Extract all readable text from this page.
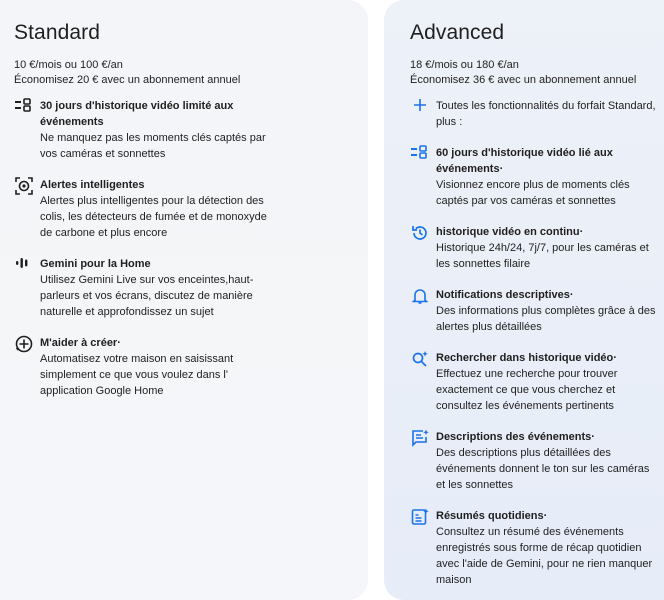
Standard
10 €/mois ou 100 €/an
Économisez 20 € avec un abonnement annuel
30 jours d'historique vidéo limité aux événements
Ne manquez pas les moments clés captés par vos caméras et sonnettes
Alertes intelligentes
Alertes plus intelligentes pour la détection des colis, les détecteurs de fumée et de monoxyde de carbone et plus encore
Gemini pour la Home
Utilisez Gemini Live sur vos enceintes,haut-parleurs et vos écrans, discutez de manière naturelle et approfondissez un sujet
M'aider à créer·
Automatisez votre maison en saisissant simplement ce que vous voulez dans l' application Google Home
Advanced
18 €/mois ou 180 €/an
Économisez 36 € avec un abonnement annuel
Toutes les fonctionnalités du forfait Standard, plus :
60 jours d'historique vidéo lié aux événements·
Visionnez encore plus de moments clés captés par vos caméras et sonnettes
historique vidéo en continu·
Historique 24h/24, 7j/7, pour les caméras et les sonnettes filaire
Notifications descriptives·
Des informations plus complètes grâce à des alertes plus détaillées
Rechercher dans historique vidéo·
Effectuez une recherche pour trouver exactement ce que vous cherchez et consultez les événements pertinents
Descriptions des événements·
Des descriptions plus détaillées des événements donnent le ton sur les caméras et les sonnettes
Résumés quotidiens·
Consultez un résumé des événements enregistrés sous forme de récap quotidien avec l'aide de Gemini, pour ne rien manquer maison
